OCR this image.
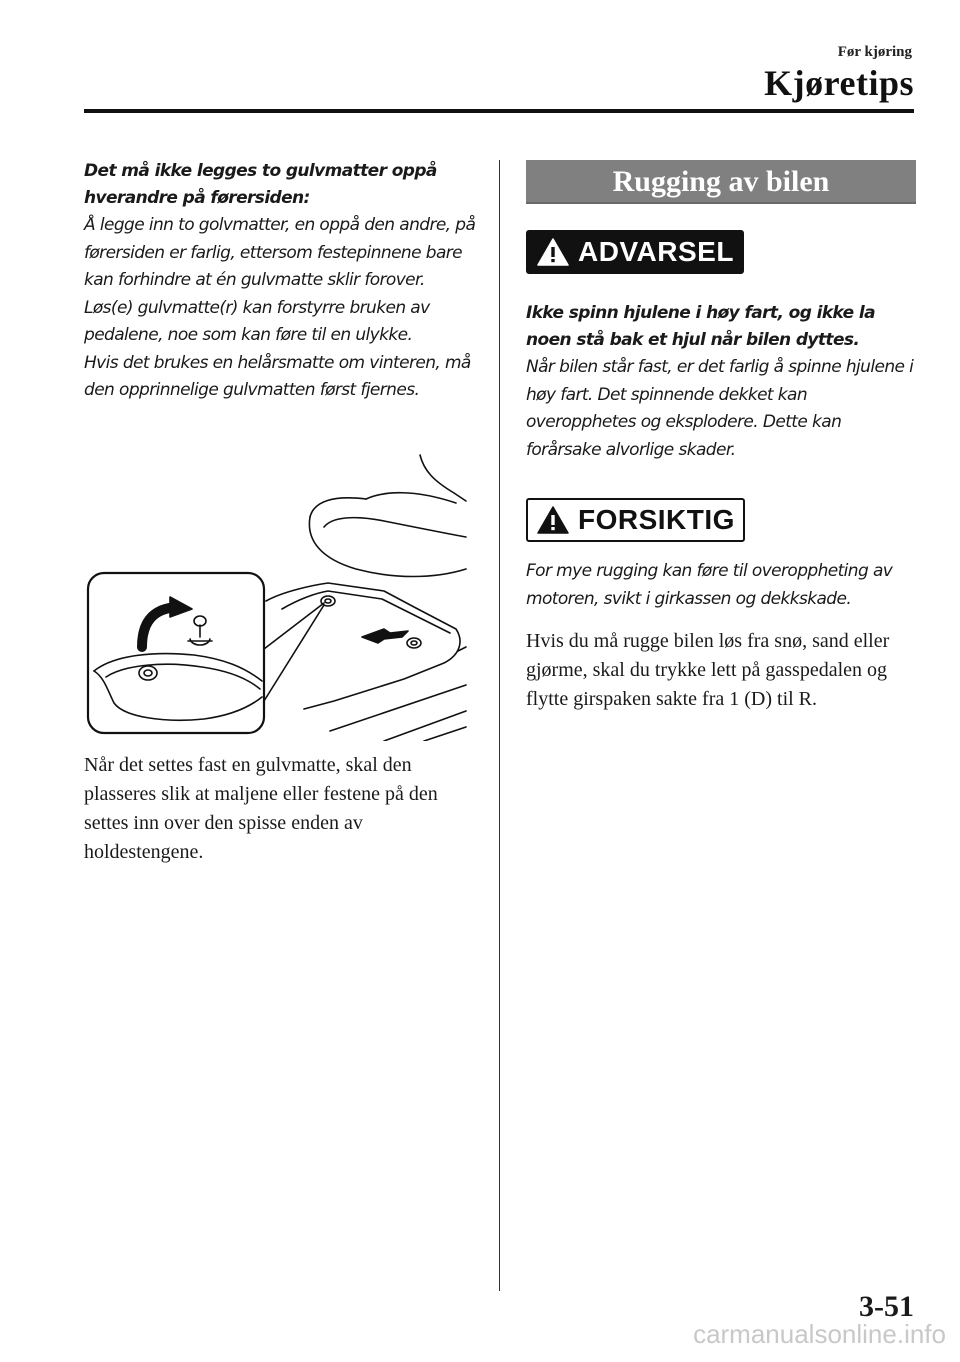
Før kjøring
Kjøretips

Det må ikke legges to gulvmatter oppå hverandre på førersiden:

Å legge inn to golvmatter, en oppå den andre, på førersiden er farlig, ettersom festepinnene bare kan forhindre at én gulvmatte sklir forover.

Løs(e) gulvmatte(r) kan forstyrre bruken av pedalene, noe som kan føre til en ulykke.

Hvis det brukes en helårsmatte om vinteren, må den opprinnelige gulvmatten først fjernes.

Når det settes fast en gulvmatte, skal den plasseres slik at maljene eller festene på den settes inn over den spisse enden av holdestengene.

Rugging av bilen
ADVARSEL

Ikke spinn hjulene i høy fart, og ikke la noen stå bak et hjul når bilen dyttes.

Når bilen står fast, er det farlig å spinne hjulene i høy fart. Det spinnende dekket kan overopphetes og eksplodere. Dette kan forårsake alvorlige skader.

FORSIKTIG

For mye rugging kan føre til overoppheting av motoren, svikt i girkassen og dekkskade.

Hvis du må rugge bilen løs fra snø, sand eller gjørme, skal du trykke lett på gasspedalen og flytte girspaken sakte fra 1 (D) til R.

3-51
carmanualsonline.info
